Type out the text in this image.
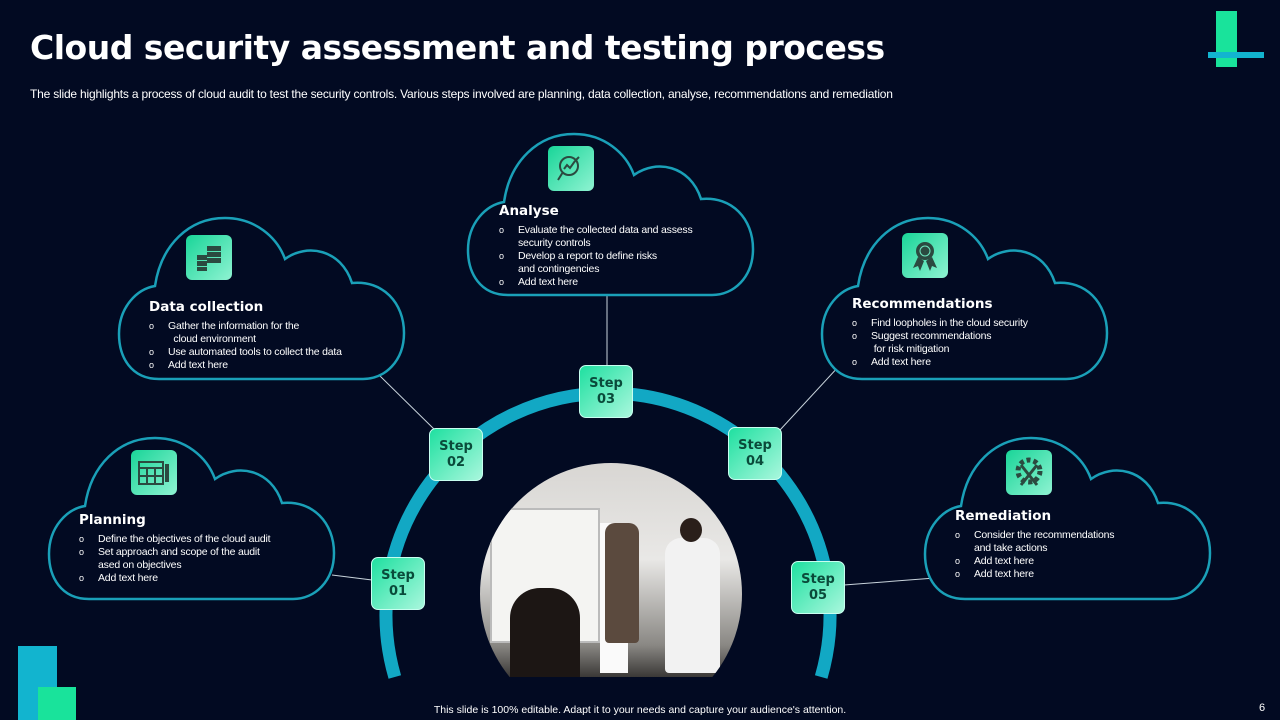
Cloud security assessment and testing process
The slide highlights a process of cloud audit to test the security controls. Various steps involved are planning, data collection, analyse, recommendations and remediation
Planning
o Define the objectives of the cloud audit
o Set approach and scope of the audit
ased on objectives
o Add text here
Data collection
o Gather the information for the
cloud environment
o Use automated tools to collect the data
o Add text here
Analyse
o Evaluate the collected data and assess
security controls
o Develop a report to define risks
and contingencies
o Add text here
Recommendations
o Find loopholes in the cloud security
o Suggest recommendations
for risk mitigation
o Add text here
Remediation
o Consider the recommendations
and take actions
o Add text here
o Add text here
Step
01
Step
02
Step
03
Step
04
Step
05
This slide is 100% editable. Adapt it to your needs and capture your audience's attention.	6
